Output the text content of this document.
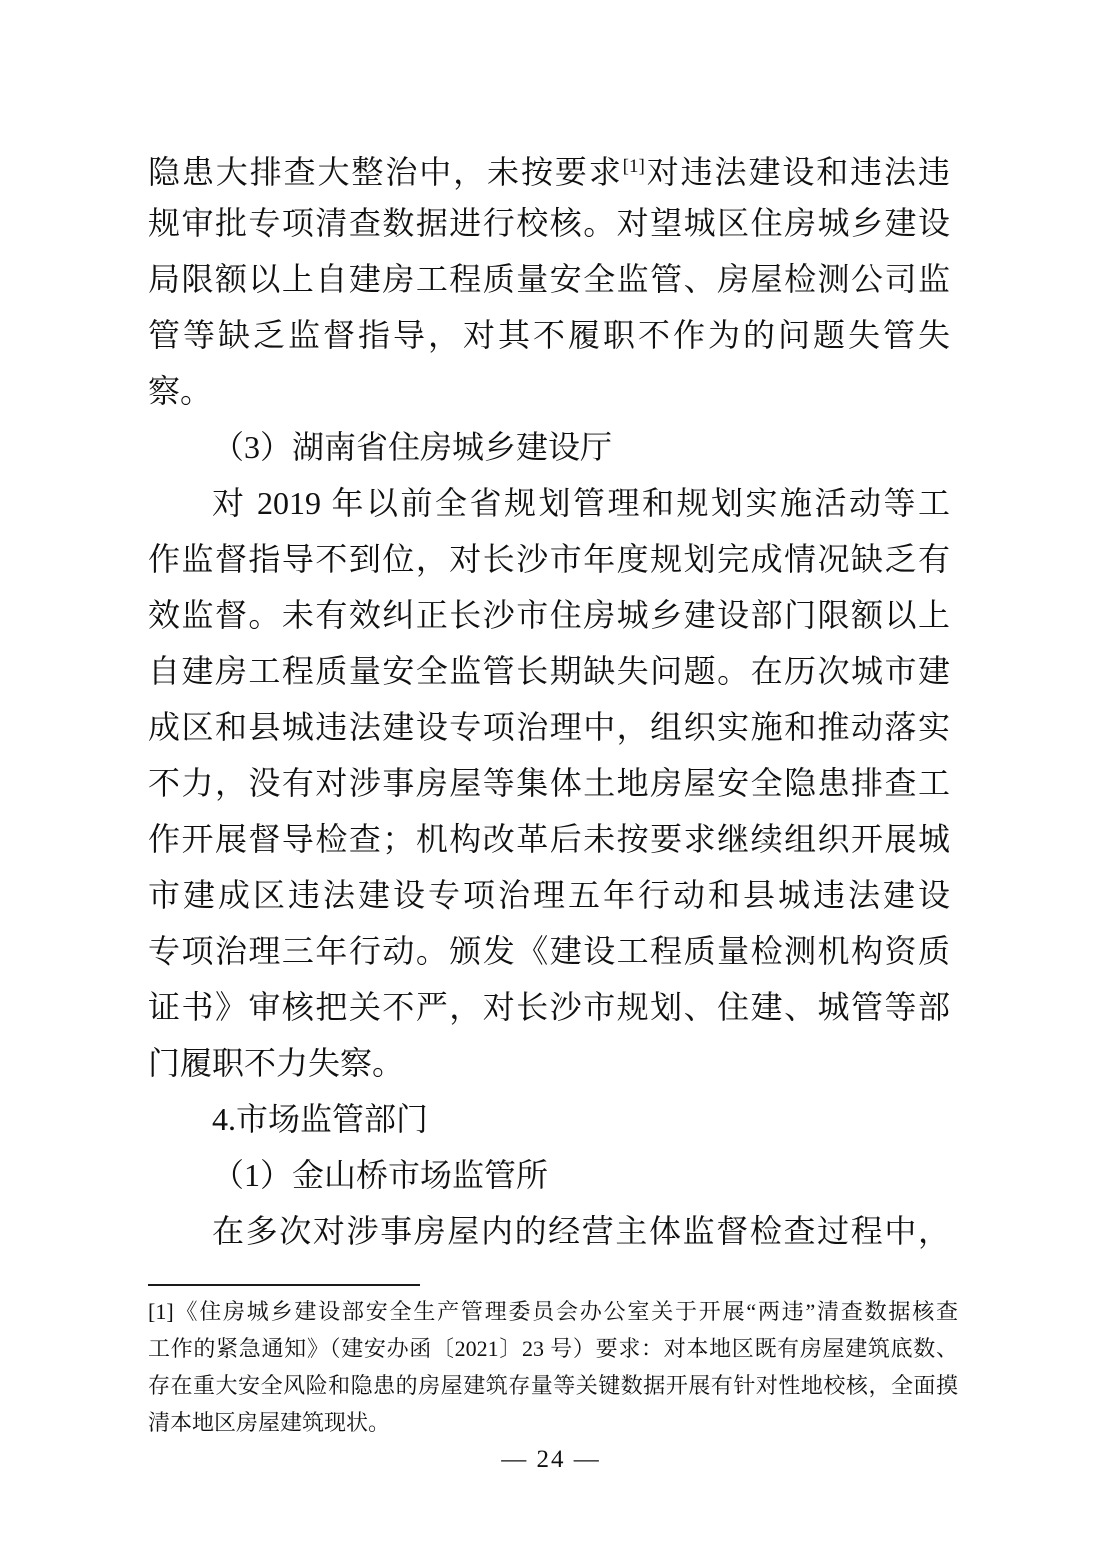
隐患大排查大整治中，未按要求[1]对违法建设和违法违
规审批专项清查数据进行校核。对望城区住房城乡建设
局限额以上自建房工程质量安全监管、房屋检测公司监
管等缺乏监督指导，对其不履职不作为的问题失管失
察。
（3）湖南省住房城乡建设厅
对 2019 年以前全省规划管理和规划实施活动等工
作监督指导不到位，对长沙市年度规划完成情况缺乏有
效监督。未有效纠正长沙市住房城乡建设部门限额以上
自建房工程质量安全监管长期缺失问题。在历次城市建
成区和县城违法建设专项治理中，组织实施和推动落实
不力，没有对涉事房屋等集体土地房屋安全隐患排查工
作开展督导检查；机构改革后未按要求继续组织开展城
市建成区违法建设专项治理五年行动和县城违法建设
专项治理三年行动。颁发《建设工程质量检测机构资质
证书》审核把关不严，对长沙市规划、住建、城管等部
门履职不力失察。
4.市场监管部门
（1）金山桥市场监管所
在多次对涉事房屋内的经营主体监督检查过程中，
[1]《住房城乡建设部安全生产管理委员会办公室关于开展“两违”清查数据核查
工作的紧急通知》（建安办函〔2021〕23 号）要求：对本地区既有房屋建筑底数、
存在重大安全风险和隐患的房屋建筑存量等关键数据开展有针对性地校核，全面摸
清本地区房屋建筑现状。
— 24 —
